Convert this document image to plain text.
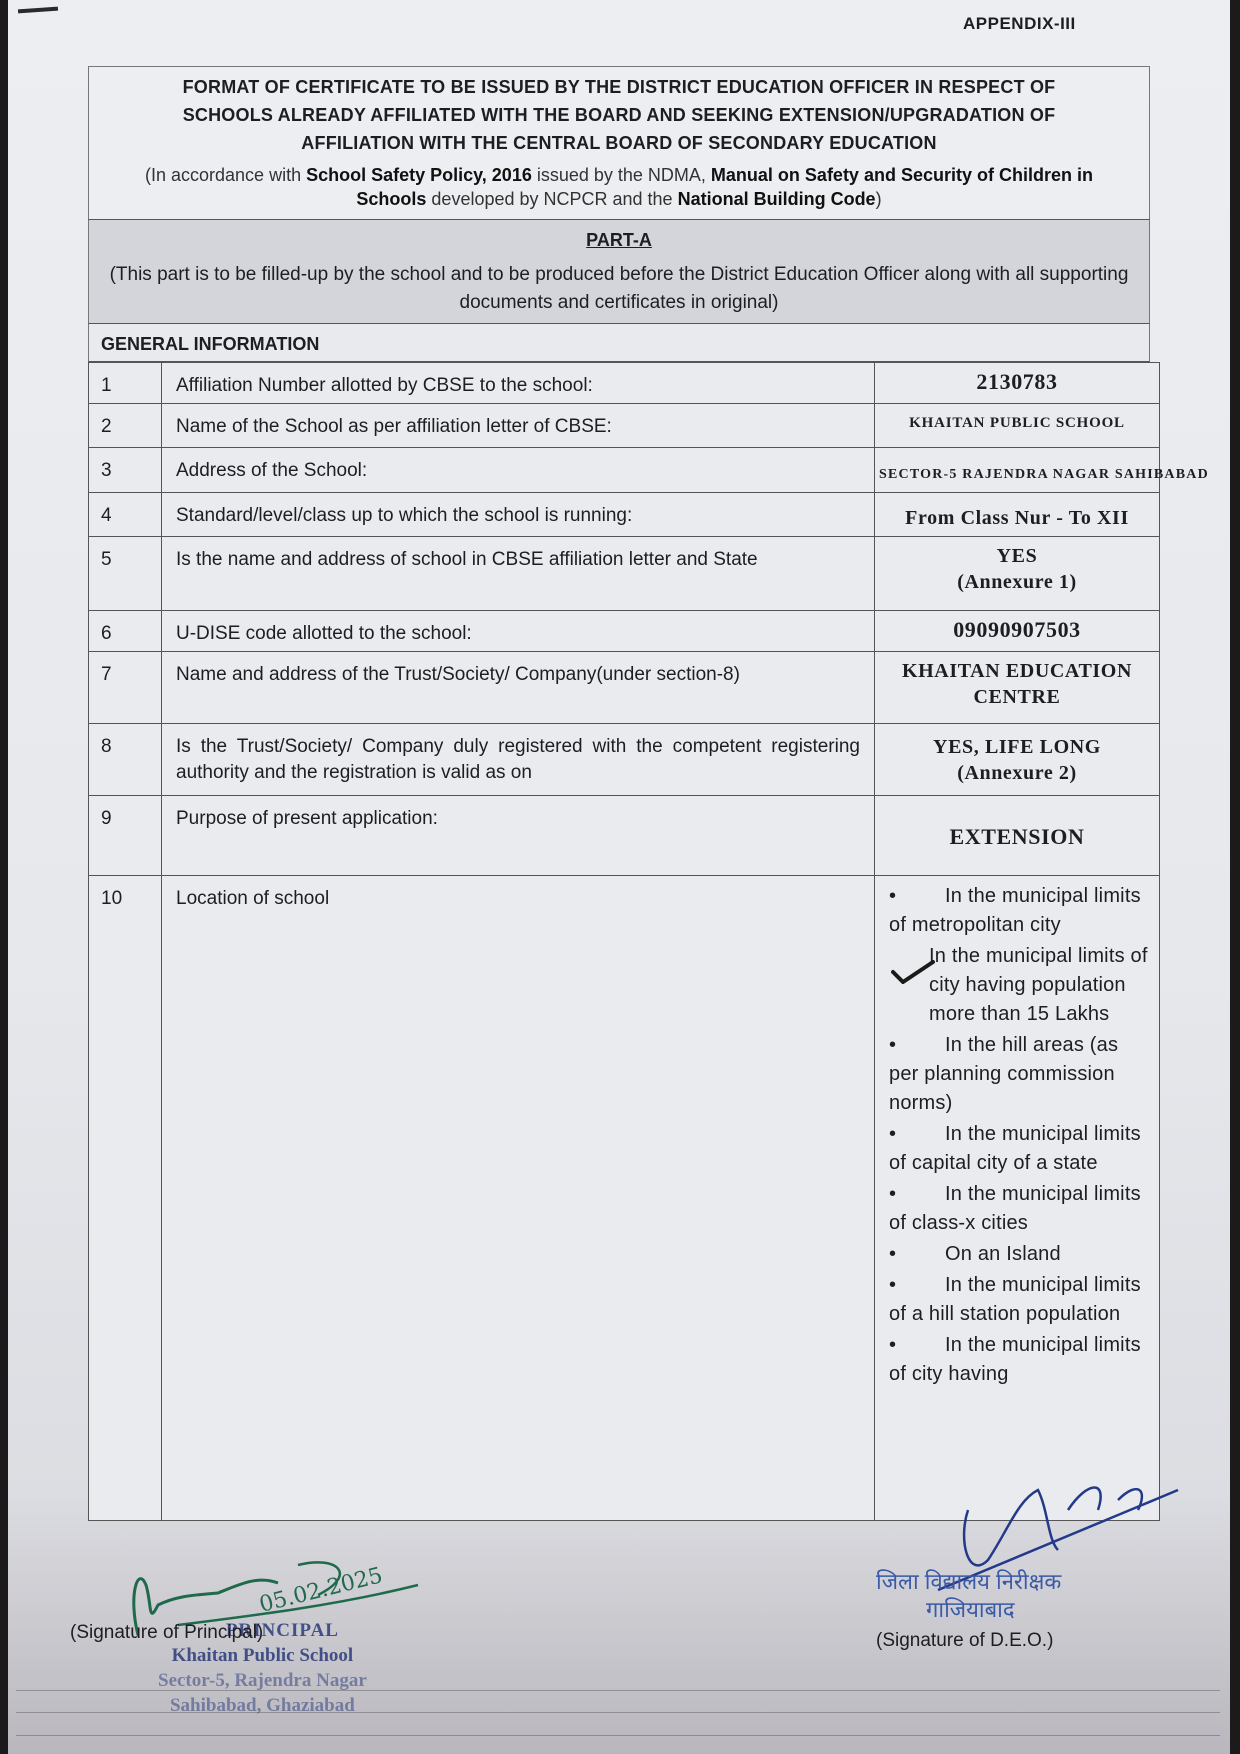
APPENDIX-III
FORMAT OF CERTIFICATE TO BE ISSUED BY THE DISTRICT EDUCATION OFFICER IN RESPECT OF
SCHOOLS ALREADY AFFILIATED WITH THE BOARD AND SEEKING EXTENSION/UPGRADATION OF
AFFILIATION WITH THE CENTRAL BOARD OF SECONDARY EDUCATION
(In accordance with School Safety Policy, 2016 issued by the NDMA, Manual on Safety and Security of Children in Schools developed by NCPCR and the National Building Code)
PART-A
(This part is to be filled-up by the school and to be produced before the District Education Officer along with all supporting documents and certificates in original)
GENERAL INFORMATION
1	Affiliation Number allotted by CBSE to the school:	2130783
2	Name of the School as per affiliation letter of CBSE:	KHAITAN PUBLIC SCHOOL
3	Address of the School:	SECTOR-5 RAJENDRA NAGAR SAHIBABAD
4	Standard/level/class up to which the school is running:	From Class Nur - To XII
5	Is the name and address of school in CBSE affiliation letter and State	YES
(Annexure 1)

6	U-DISE code allotted to the school:	09090907503
7	Name and address of the Trust/Society/ Company(under section-8)	KHAITAN EDUCATION CENTRE
8	Is the Trust/Society/ Company duly registered with the competent registering authority and the registration is valid as on	YES, LIFE LONG
(Annexure 2)

9	Purpose of present application:	EXTENSION
10	Location of school	• In the municipal limits of metropolitan city
In the municipal limits of city having population more than 15 Lakhs
• In the hill areas (as per planning commission norms)
• In the municipal limits of capital city of a state
• In the municipal limits of class-x cities
• On an Island
• In the municipal limits of a hill station population
• In the municipal limits of city having
05.02.2025
PRINCIPAL
Khaitan Public School
Sector-5, Rajendra Nagar
Sahibabad, Ghaziabad
(Signature of Principal)
जिला विद्यालय निरीक्षक
गाजियाबाद
(Signature of D.E.O.)
